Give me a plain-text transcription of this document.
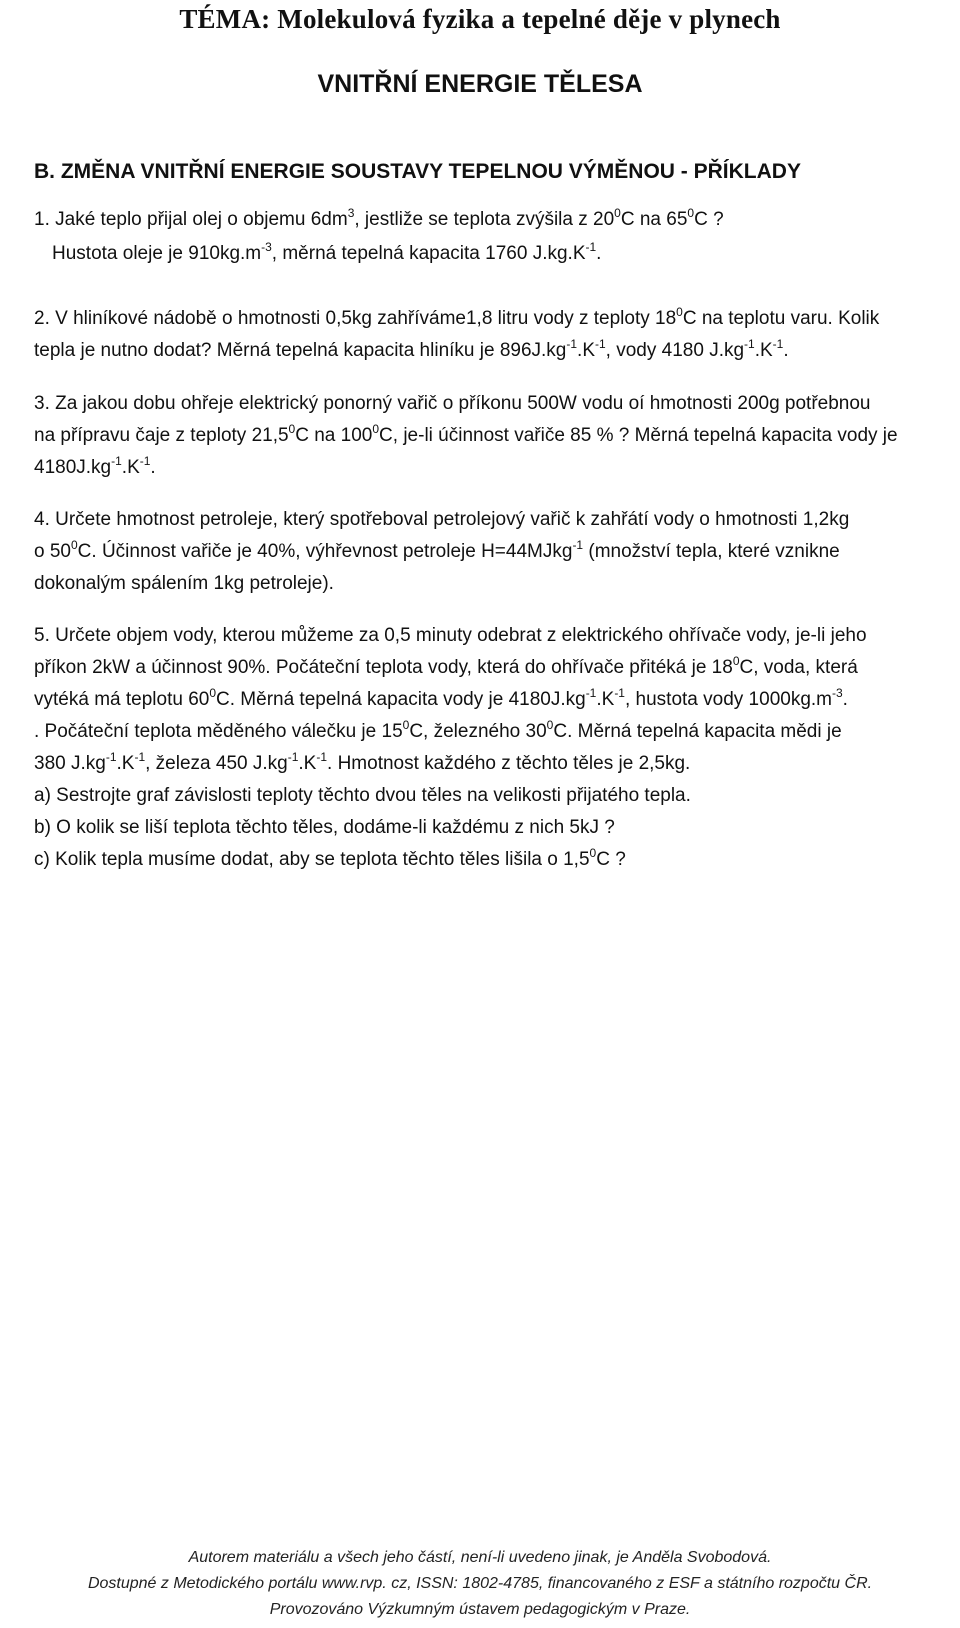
TÉMA: Molekulová fyzika a tepelné děje v plynech
VNITŘNÍ ENERGIE TĚLESA
B. ZMĚNA VNITŘNÍ ENERGIE SOUSTAVY TEPELNOU VÝMĚNOU - PŘÍKLADY
1. Jaké teplo přijal olej o objemu $6dm^3$, jestliže se teplota zvýšila z $20^0C$ na $65^0C$ ?
Hustota oleje je $910kg.m^{-3}$, měrná tepelná kapacita 1760 $J.kg.K^{-1}$.
2. V hliníkové nádobě o hmotnosti 0,5kg zahříváme1,8 litru vody z teploty $18^0C$ na teplotu varu. Kolik
tepla je nutno dodat? Měrná tepelná kapacita hliníku je $896J.kg^{-1}.K^{-1}$, vody 4180 $J.kg^{-1}.K^{-1}$.
3. Za jakou dobu ohřeje elektrický ponorný vařič o příkonu 500W vodu oí hmotnosti 200g potřebnou
na přípravu čaje z teploty 21,5$^0$C na $100^0C$, je-li účinnost vařiče 85 % ? Měrná tepelná kapacita vody je
$4180J.kg^{-1}.K^{-1}$.
4. Určete hmotnost petroleje, který spotřeboval petrolejový vařič k zahřátí vody o hmotnosti 1,2kg
o $50^0C$. Účinnost vařiče je 40%, výhřevnost petroleje H=44MJkg$^{-1}$ (množství tepla, které vznikne
dokonalým spálením 1kg petroleje).
5. Určete objem vody, kterou můžeme za 0,5 minuty odebrat z elektrického ohřívače vody, je-li jeho
příkon 2kW a účinnost 90%. Počáteční teplota vody, která do ohřívače přitéká je $18^0C$, voda, která
vytéká má teplotu $60^0C$. Měrná tepelná kapacita vody je $4180J.kg^{-1}.K^{-1}$, hustota vody $1000kg.m^{-3}$.
. Počáteční teplota měděného válečku je $15^0C$, železného $30^0C$. Měrná tepelná kapacita mědi je
380 $J.kg^{-1}.K^{-1}$, železa 450 $J.kg^{-1}.K^{-1}$. Hmotnost každého z těchto těles je 2,5kg.
a) Sestrojte graf závislosti teploty těchto dvou těles na velikosti přijatého tepla.
b) O kolik se liší teplota těchto těles, dodáme-li každému z nich 5kJ ?
c) Kolik tepla musíme dodat, aby se teplota těchto těles lišila o $1,5^0C$ ?
Autorem materiálu a všech jeho částí, není-li uvedeno jinak, je Anděla Svobodová.
Dostupné z Metodického portálu www.rvp. cz, ISSN: 1802-4785, financovaného z ESF a státního rozpočtu ČR.
Provozováno Výzkumným ústavem pedagogickým v Praze.
